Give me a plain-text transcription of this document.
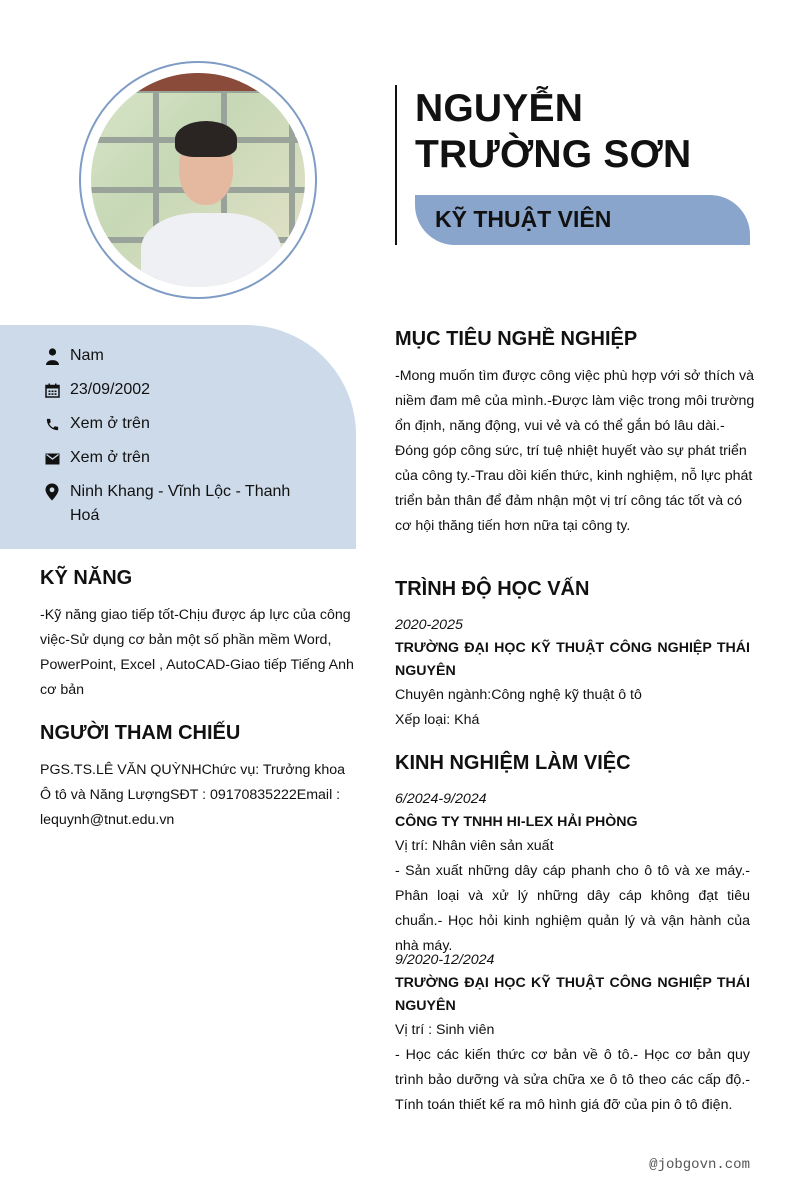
NGUYỄN TRƯỜNG SƠN
KỸ THUẬT VIÊN
Nam
23/09/2002
Xem ở trên
Xem ở trên
Ninh Khang - Vĩnh Lộc - Thanh Hoá
KỸ NĂNG
-Kỹ năng giao tiếp tốt-Chịu được áp lực của công việc-Sử dụng cơ bản một số phần mềm Word, PowerPoint, Excel , AutoCAD-Giao tiếp Tiếng Anh cơ bản
NGƯỜI THAM CHIẾU
PGS.TS.LÊ VĂN QUỲNHChức vụ: Trưởng khoa Ô tô và Năng LượngSĐT : 09170835222Email : lequynh@tnut.edu.vn
MỤC TIÊU NGHỀ NGHIỆP
-Mong muốn tìm được công việc phù hợp với sở thích và niềm đam mê của mình.-Được làm việc trong môi trường ổn định, năng động, vui vẻ và có thể gắn bó lâu dài.-Đóng góp công sức, trí tuệ nhiệt huyết vào sự phát triển của công ty.-Trau dồi kiến thức, kinh nghiệm, nỗ lực phát triển bản thân để đảm nhận một vị trí công tác tốt và có cơ hội thăng tiến hơn nữa tại công ty.
TRÌNH ĐỘ HỌC VẤN
2020-2025
TRƯỜNG ĐẠI HỌC KỸ THUẬT CÔNG NGHIỆP THÁI NGUYÊN
Chuyên ngành:Công nghệ kỹ thuật ô tô
Xếp loại: Khá
KINH NGHIỆM LÀM VIỆC
6/2024-9/2024
CÔNG TY TNHH HI-LEX HẢI PHÒNG
Vị trí: Nhân viên sản xuất
- Sản xuất những dây cáp phanh cho ô tô và xe máy.- Phân loại và xử lý những dây cáp không đạt tiêu chuẩn.- Học hỏi kinh nghiệm quản lý và vận hành của nhà máy.
9/2020-12/2024
TRƯỜNG ĐẠI HỌC KỸ THUẬT CÔNG NGHIỆP THÁI NGUYÊN
Vị trí : Sinh viên
- Học các kiến thức cơ bản về ô tô.- Học cơ bản quy trình bảo dưỡng và sửa chữa xe ô tô theo các cấp độ.-Tính toán thiết kế ra mô hình giá đỡ của pin ô tô điện.
@jobgovn.com
